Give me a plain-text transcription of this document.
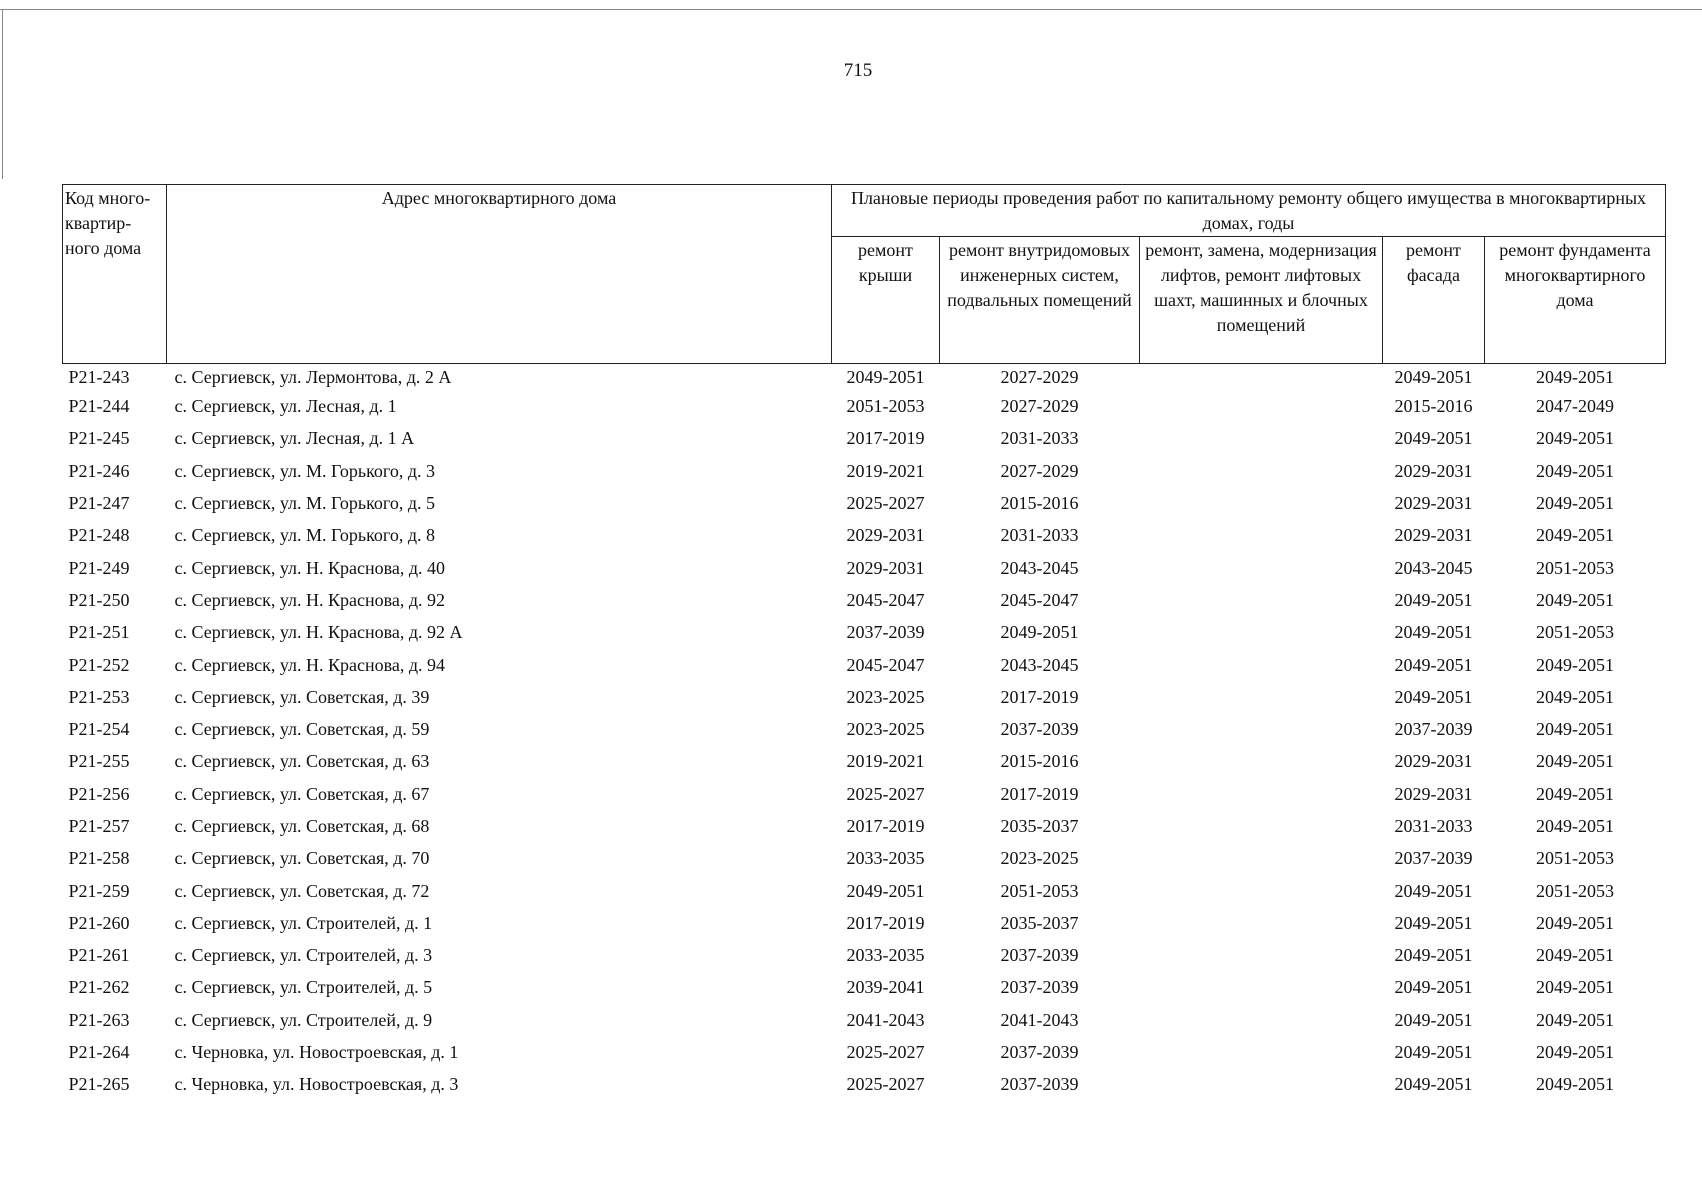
715
Код много-квартир-ного дома	Адрес многоквартирного дома	Плановые периоды проведения работ по капитальному ремонту общего имущества в многоквартирных домах, годы				
		ремонт крыши	ремонт внутридомовых инженерных систем, подвальных помещений	ремонт, замена, модернизация лифтов, ремонт лифтовых шахт, машинных и блочных помещений	ремонт фасада	ремонт фундамента многоквартирного дома
Р21-243	с. Сергиевск, ул. Лермонтова, д. 2 А	2049-2051	2027-2029		2049-2051	2049-2051
Р21-244	с. Сергиевск, ул. Лесная, д. 1	2051-2053	2027-2029		2015-2016	2047-2049
Р21-245	с. Сергиевск, ул. Лесная, д. 1 А	2017-2019	2031-2033		2049-2051	2049-2051
Р21-246	с. Сергиевск, ул. М. Горького, д. 3	2019-2021	2027-2029		2029-2031	2049-2051
Р21-247	с. Сергиевск, ул. М. Горького, д. 5	2025-2027	2015-2016		2029-2031	2049-2051
Р21-248	с. Сергиевск, ул. М. Горького, д. 8	2029-2031	2031-2033		2029-2031	2049-2051
Р21-249	с. Сергиевск, ул. Н. Краснова, д. 40	2029-2031	2043-2045		2043-2045	2051-2053
Р21-250	с. Сергиевск, ул. Н. Краснова, д. 92	2045-2047	2045-2047		2049-2051	2049-2051
Р21-251	с. Сергиевск, ул. Н. Краснова, д. 92 А	2037-2039	2049-2051		2049-2051	2051-2053
Р21-252	с. Сергиевск, ул. Н. Краснова, д. 94	2045-2047	2043-2045		2049-2051	2049-2051
Р21-253	с. Сергиевск, ул. Советская, д. 39	2023-2025	2017-2019		2049-2051	2049-2051
Р21-254	с. Сергиевск, ул. Советская, д. 59	2023-2025	2037-2039		2037-2039	2049-2051
Р21-255	с. Сергиевск, ул. Советская, д. 63	2019-2021	2015-2016		2029-2031	2049-2051
Р21-256	с. Сергиевск, ул. Советская, д. 67	2025-2027	2017-2019		2029-2031	2049-2051
Р21-257	с. Сергиевск, ул. Советская, д. 68	2017-2019	2035-2037		2031-2033	2049-2051
Р21-258	с. Сергиевск, ул. Советская, д. 70	2033-2035	2023-2025		2037-2039	2051-2053
Р21-259	с. Сергиевск, ул. Советская, д. 72	2049-2051	2051-2053		2049-2051	2051-2053
Р21-260	с. Сергиевск, ул. Строителей, д. 1	2017-2019	2035-2037		2049-2051	2049-2051
Р21-261	с. Сергиевск, ул. Строителей, д. 3	2033-2035	2037-2039		2049-2051	2049-2051
Р21-262	с. Сергиевск, ул. Строителей, д. 5	2039-2041	2037-2039		2049-2051	2049-2051
Р21-263	с. Сергиевск, ул. Строителей, д. 9	2041-2043	2041-2043		2049-2051	2049-2051
Р21-264	с. Черновка, ул. Новостроевская, д. 1	2025-2027	2037-2039		2049-2051	2049-2051
Р21-265	с. Черновка, ул. Новостроевская, д. 3	2025-2027	2037-2039		2049-2051	2049-2051
